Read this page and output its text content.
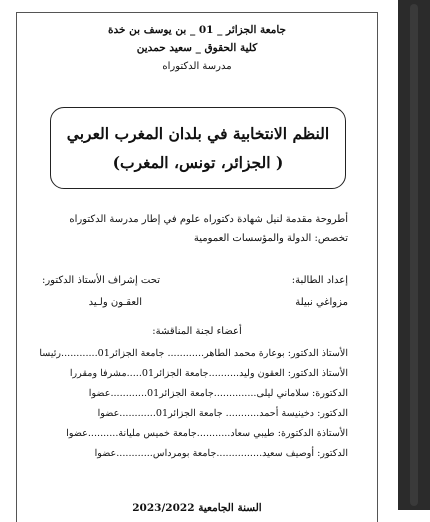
جامعة الجزائر _ 01 _ بن يوسف بن خدة
كلية الحقوق _ سعيد حمدين
مدرسة الدكتوراه
النظم الانتخابية في بلدان المغرب العربي
( الجزائر، تونس، المغرب)
أطروحة مقدمة لنيل شهادة دكتوراه علوم في إطار مدرسة الدكتوراه
تخصص: الدولة والمؤسسات العمومية
إعداد الطالبة:
تحت إشراف الأستاذ الدكتور:
مزواغي نبيلة
العقـون ولـيد
أعضاء لجنة المناقشة:
الأستاذ الدكتور: بوعارة محمد الطاهر............ جامعة الجزائر01............رئيسا
الأستاذ الدكتور: العقون وليد..........جامعة الجزائر01.....مشرفا ومقررا
الدكتورة: سلاماني ليلى..............جامعة الجزائر01............عضوا
الدكتور: دخينيسة أحمد........... جامعة الجزائر01............عضوا
الأستاذة الدكتورة: طيبي سعاد...........جامعة خميس مليانة..........عضوا
الدكتور: أوصيف سعيد...............جامعة بومرداس............عضوا
السنة الجامعية 2023/2022
